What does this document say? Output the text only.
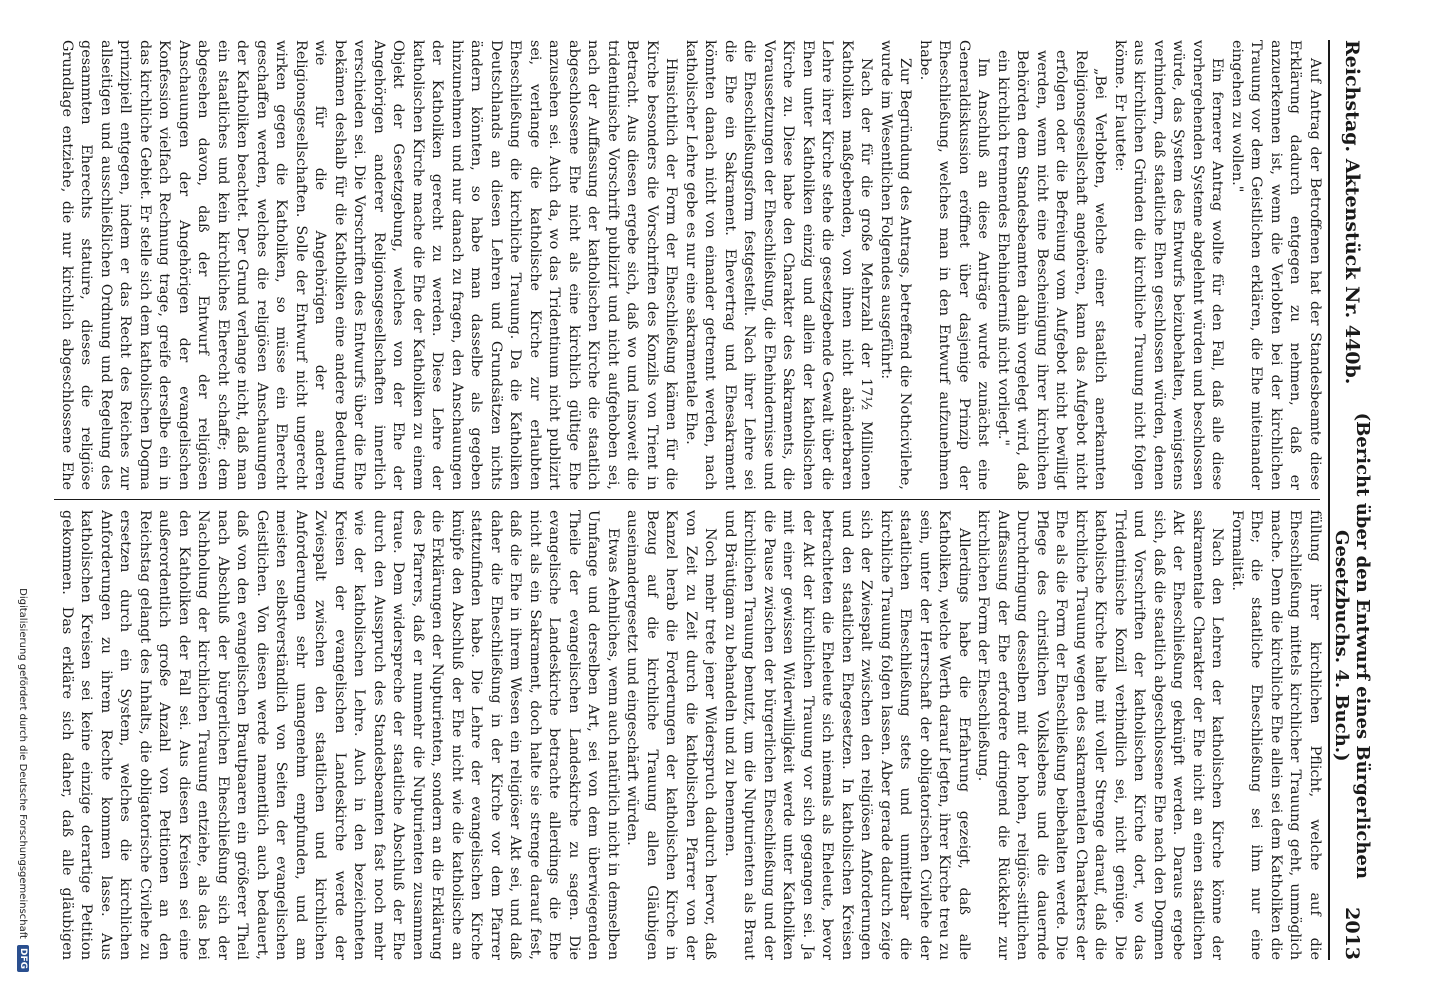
Reichstag. Aktenstück Nr. 440b.
(Bericht über den Entwurf eines Bürgerlichen Gesetzbuchs. 4. Buch.)
2013

Auf Antrag der Betroffenen hat der Standesbeamte diese Erklärung dadurch entgegen zu nehmen, daß er anzuerkennen ist, wenn die Verlobten bei der kirchlichen Trauung vor dem Geistlichen erklären, die Ehe miteinander eingehen zu wollen."

Ein fernerer Antrag wollte für den Fall, daß alle diese vorhergehenden Systeme abgelehnt würden und beschlossen würde, das System des Entwurfs beizubehalten, wenigstens verhindern, daß staatliche Ehen geschlossen würden, denen aus kirchlichen Gründen die kirchliche Trauung nicht folgen könne. Er lautete:

„Bei Verlobten, welche einer staatlich anerkannten Religionsgesellschaft angehören, kann das Aufgebot nicht erfolgen oder die Befreiung vom Aufgebot nicht bewilligt werden, wenn nicht eine Bescheinigung ihrer kirchlichen Behörden dem Standesbeamten dahin vorgelegt wird, daß ein kirchlich trennendes Ehehinderniß nicht vorliegt."

Im Anschluß an diese Anträge wurde zunächst eine Generaldiskussion eröffnet über dasjenige Prinzip der Eheschließung, welches man in den Entwurf aufzunehmen habe.

Zur Begründung des Antrags, betreffend die Nothcivilehe, wurde im Wesentlichen Folgendes ausgeführt:

Nach der für die große Mehrzahl der 17½ Millionen Katholiken maßgebenden, von ihnen nicht abänderbaren Lehre ihrer Kirche stehe die gesetzgebende Gewalt über die Ehen unter Katholiken einzig und allein der katholischen Kirche zu. Diese habe den Charakter des Sakraments, die Voraussetzungen der Eheschließung, die Ehehindernisse und die Eheschließungsform festgestellt. Nach ihrer Lehre sei die Ehe ein Sakrament. Ehevertrag und Ehesakrament könnten danach nicht von einander getrennt werden, nach katholischer Lehre gebe es nur eine sakramentale Ehe.

Hinsichtlich der Form der Eheschließung kämen für die Kirche besonders die Vorschriften des Konzils von Trient in Betracht. Aus diesen ergebe sich, daß wo und insoweit die tridentinische Vorschrift publizirt und nicht aufgehoben sei, nach der Auffassung der katholischen Kirche die staatlich abgeschlossene Ehe nicht als eine kirchlich gültige Ehe anzusehen sei. Auch da, wo das Tridentinum nicht publizirt sei, verlange die katholische Kirche zur erlaubten Eheschließung die kirchliche Trauung. Da die Katholiken Deutschlands an diesen Lehren und Grundsätzen nichts ändern könnten, so habe man dasselbe als gegeben hinzunehmen und nur danach zu fragen, den Anschauungen der Katholiken gerecht zu werden. Diese Lehre der katholischen Kirche mache die Ehe der Katholiken zu einem Objekt der Gesetzgebung, welches von der Ehe der Angehörigen anderer Religionsgesellschaften innerlich verschieden sei. Die Vorschriften des Entwurfs über die Ehe bekämen deshalb für die Katholiken eine andere Bedeutung wie für die Angehörigen der anderen Religionsgesellschaften. Solle der Entwurf nicht ungerecht wirken gegen die Katholiken, so müsse ein Eherecht geschaffen werden, welches die religiösen Anschauungen der Katholiken beachtet. Der Grund verlange nicht, daß man ein staatliches und kein kirchliches Eherecht schaffe; dem abgesehen davon, daß der Entwurf der religiösen Anschauungen der Angehörigen der evangelischen Konfession vielfach Rechnung trage, greife derselbe ein in das kirchliche Gebiet. Er stelle sich dem katholischen Dogma prinzipiell entgegen, indem er das Recht des Reiches zur allseitigen und ausschließlichen Ordnung und Regelung des gesammten Eherechts statuire, dieses die religiöse Grundlage entziehe, die nur kirchlich abgeschlossene Ehe

füllung ihrer kirchlichen Pflicht, welche auf die Eheschließung mittels kirchlicher Trauung geht, unmöglich mache. Denn die kirchliche Ehe allein sei dem Katholiken die Ehe; die staatliche Eheschließung sei ihm nur eine Formalität.

Nach den Lehren der katholischen Kirche könne der sakramentale Charakter der Ehe nicht an einen staatlichen Akt der Eheschließung geknüpft werden. Daraus ergebe sich, daß die staatlich abgeschlossene Ehe nach den Dogmen und Vorschriften der katholischen Kirche dort, wo das Tridentinische Konzil verbindlich sei, nicht genüge. Die katholische Kirche halte mit voller Strenge darauf, daß die kirchliche Trauung wegen des sakramentalen Charakters der Ehe als die Form der Eheschließung beibehalten werde. Die Pflege des christlichen Volkslebens und die dauernde Durchdringung desselben mit der hohen, religiös-sittlichen Auffassung der Ehe erfordere dringend die Rückkehr zur kirchlichen Form der Eheschließung.

Allerdings habe die Erfahrung gezeigt, daß alle Katholiken, welche Werth darauf legten, ihrer Kirche treu zu sein, unter der Herrschaft der obligatorischen Civilehe der staatlichen Eheschließung stets und unmittelbar die kirchliche Trauung folgen lassen. Aber gerade dadurch zeige sich der Zwiespalt zwischen den religiösen Anforderungen und den staatlichen Ehegesetzen. In katholischen Kreisen betrachteten die Eheleute sich niemals als Eheleute, bevor der Akt der kirchlichen Trauung vor sich gegangen sei. Ja mit einer gewissen Widerwilligkeit werde unter Katholiken die Pause zwischen der bürgerlichen Eheschließung und der kirchlichen Trauung benutzt, um die Nupturienten als Braut und Bräutigam zu behandeln und zu benennen.

Noch mehr trete jener Widerspruch dadurch hervor, daß von Zeit zu Zeit durch die katholischen Pfarrer von der Kanzel herab die Forderungen der katholischen Kirche in Bezug auf die kirchliche Trauung allen Gläubigen auseinandergesetzt und eingeschärft würden.

Etwas Aehnliches, wenn auch natürlich nicht in demselben Umfange und derselben Art, sei von dem überwiegenden Theile der evangelischen Landeskirche zu sagen. Die evangelische Landeskirche betrachte allerdings die Ehe nicht als ein Sakrament, doch halte sie strenge darauf fest, daß die Ehe in ihrem Wesen ein religiöser Akt sei, und daß daher die Eheschließung in der Kirche vor dem Pfarrer stattzufinden habe. Die Lehre der evangelischen Kirche knüpfe den Abschluß der Ehe nicht wie die katholische an die Erklärungen der Nupturienten, sondern an die Erklärung des Pfarrers, daß er nunmehr die Nupturienten zusammen traue. Dem widerspreche der staatliche Abschluß der Ehe durch den Ausspruch des Standesbeamten fast noch mehr wie der katholischen Lehre. Auch in den bezeichneten Kreisen der evangelischen Landeskirche werde der Zwiespalt zwischen den staatlichen und kirchlichen Anforderungen sehr unangenehm empfunden, und am meisten selbstverständlich von Seiten der evangelischen Geistlichen. Von diesen werde namentlich auch bedauert, daß von den evangelischen Brautpaaren ein größerer Theil nach Abschluß der bürgerlichen Eheschließung sich der Nachholung der kirchlichen Trauung entziehe, als das bei den Katholiken der Fall sei. Aus diesen Kreisen sei eine außerordentlich große Anzahl von Petitionen an den Reichstag gelangt des Inhalts, die obligatorische Civilehe zu ersetzen durch ein System, welches die kirchlichen Anforderungen zu ihrem Rechte kommen lasse. Aus katholischen Kreisen sei keine einzige derartige Petition gekommen. Das erkläre sich daher, daß alle gläubigen

DFG
Digitalisierung gefördert durch die Deutsche Forschungsgemeinschaft
